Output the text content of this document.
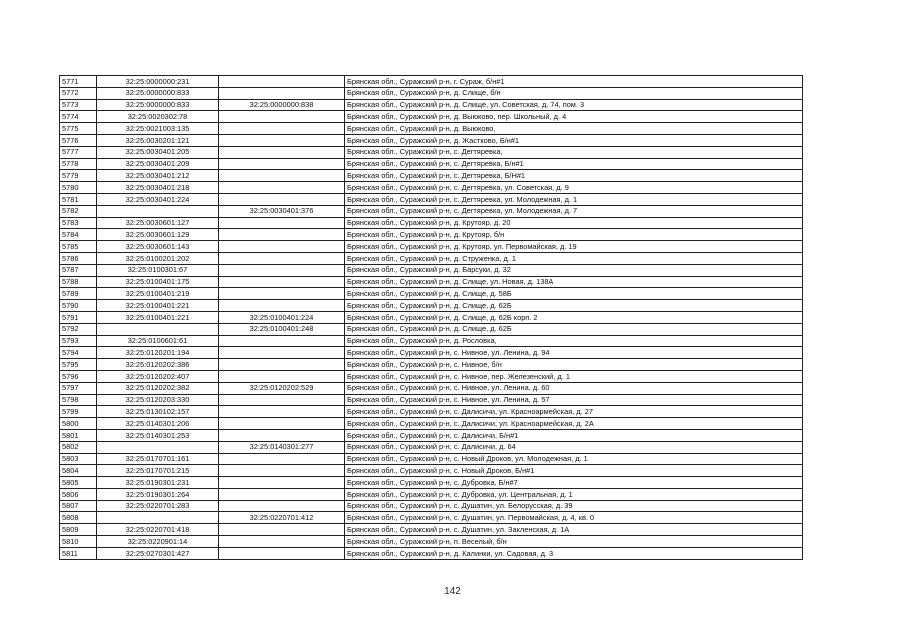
5771	32:25:0000000:231		Брянская обл., Суражский р-н, г. Сураж, б/н#1
5772	32:25:0000000:833		Брянская обл., Суражский р-н, д. Слище, б/н
5773	32:25:0000000:833	32:25:0000000:838	Брянская обл., Суражский р-н, д. Слище, ул. Советская, д. 74, пом. 3
5774	32:25:0020302:78		Брянская обл., Суражский р-н, д. Выюково, пер. Школьный, д. 4
5775	32:25:0021003:135		Брянская обл., Суражский р-н, д. Выюково,
5776	32:25:0030201:121		Брянская обл., Суражский р-н, д. Жастково, Б/н#1
5777	32:25:0030401:205		Брянская обл., Суражский р-н, с. Дегтяревка,
5778	32:25:0030401:209		Брянская обл., Суражский р-н, с. Дегтяревка, Б/н#1
5779	32:25:0030401:212		Брянская обл., Суражский р-н, с. Дегтяревка, Б/Н#1
5780	32:25:0030401:218		Брянская обл., Суражский р-н, с. Дегтяревка, ул. Советская, д. 9
5781	32:25:0030401:224		Брянская обл., Суражский р-н, с. Дегтяревка, ул. Молодежная, д. 1
5782		32:25:0030401:376	Брянская обл., Суражский р-н, с. Дегтяревка, ул. Молодежная, д. 7
5783	32:25:0030601:127		Брянская обл., Суражский р-н, д. Крутояр, д. 20
5784	32:25:0030601:129		Брянская обл., Суражский р-н, д. Крутояр, б/н
5785	32:25:0030601:143		Брянская обл., Суражский р-н, д. Крутояр, ул. Первомайская, д. 19
5786	32:25:0100201:202		Брянская обл., Суражский р-н, д. Струженка, д. 1
5787	32:25:0100301:67		Брянская обл., Суражский р-н, д. Барсуки, д. 32
5788	32:25:0100401:175		Брянская обл., Суражский р-н, д. Слище, ул. Новая, д. 138А
5789	32:25:0100401:219		Брянская обл., Суражский р-н, д. Слище, д. 58Б
5790	32:25:0100401:221		Брянская обл., Суражский р-н, д. Слище, д. 62Б
5791	32:25:0100401:221	32:25:0100401:224	Брянская обл., Суражский р-н, д. Слище, д. 62Б корп. 2
5792		32:25:0100401:248	Брянская обл., Суражский р-н, д. Слище, д. 62Б
5793	32:25:0100601:61		Брянская обл., Суражский р-н, д. Рословка,
5794	32:25:0120201:194		Брянская обл., Суражский р-н, с. Нивное, ул. Ленина, д. 94
5795	32:25:0120202:386		Брянская обл., Суражский р-н, с. Нивное, б/н
5796	32:25:0120202:407		Брянская обл., Суражский р-н, с. Нивное, пер. Железенский, д. 1
5797	32:25:0120202:382	32:25:0120202:529	Брянская обл., Суражский р-н, с. Нивное, ул. Ленина, д. 60
5798	32:25:0120203:330		Брянская обл., Суражский р-н, с. Нивное, ул. Ленина, д. 57
5799	32:25:0130102:157		Брянская обл., Суражский р-н, с. Далисичи, ул. Красноармейская, д. 27
5800	32:25:0140301:206		Брянская обл., Суражский р-н, с. Далисичи, ул. Красноармейская, д. 2А
5801	32:25:0140301:253		Брянская обл., Суражский р-н, с. Далисичи, Б/н#1
5802		32:25:0140301:277	Брянская обл., Суражский р-н, с. Далисичи, д. 64
5803	32:25:0170701:161		Брянская обл., Суражский р-н, с. Новый Дроков, ул. Молодежная, д. 1
5804	32:25:0170701:215		Брянская обл., Суражский р-н, с. Новый Дроков, Б/н#1
5805	32:25:0190301:231		Брянская обл., Суражский р-н, с. Дубровка, Б/н#7
5806	32:25:0190301:264		Брянская обл., Суражский р-н, с. Дубровка, ул. Центральная, д. 1
5807	32:25:0220701:283		Брянская обл., Суражский р-н, с. Душатин, ул. Белорусская, д. 39
5808		32:25:0220701:412	Брянская обл., Суражский р-н, с. Душатин, ул. Первомайская, д. 4, кв. 0
5809	32:25:0220701:418		Брянская обл., Суражский р-н, с. Душатин, ул. Закленская, д. 1А
5810	32:25:0220901:14		Брянская обл., Суражский р-н, п. Веселый, б/н
5811	32:25:0270301:427		Брянская обл., Суражский р-н, д. Калинки, ул. Садовая, д. 3
142
